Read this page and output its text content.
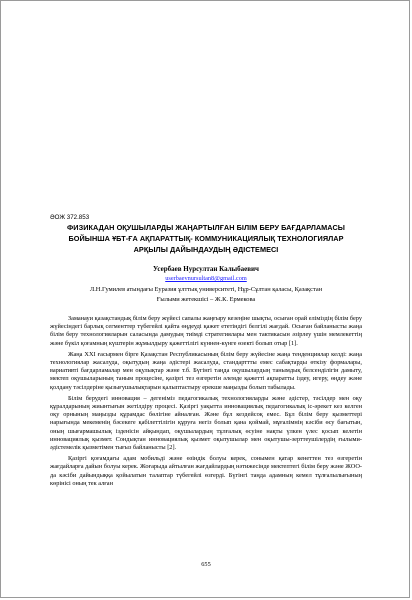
ӘОЖ 372.853
ФИЗИКАДАН ОҚУШЫЛАРДЫ ЖАҢАРТЫЛҒАН БІЛІМ БЕРУ БАҒДАРЛАМАСЫ
БОЙЫНША ҰБТ-ҒА АҚПАРАТТЫҚ- КОММУНИКАЦИЯЛЫҚ ТЕХНОЛОГИЯЛАР
АРҚЫЛЫ ДАЙЫНДАУДЫҢ ӘДІСТЕМЕСІ
Усербаев Нурсултан Калыбаевич
userbaevnursultan8@gmail.com
Л.Н.Гумилев атындағы Еуразия ұлттық университеті, Нұр-Сұлтан қаласы, Қазақстан
Ғылыми жетекшісі – Ж.К. Ермекова

Заманауи қазақстандық білім беру жүйесі сапалы жаңғыру кезеңіне шықты, осыған орай еліміздің білім беру жүйесіндегі барлық сегменттер түбегейлі қайта өңдеуді қажет ететіндігі белгілі жағдай. Осыған байланысты жаңа білім беру технологияларын саласында дамудың тиімді стратегиялары мен тактикасын әзірлеу үшін мемлекеттің және бүкіл қоғамның күштерін жұмылдыру қажеттілігі күннен-күнге өзекті болып отыр [1].

Жаңа XXI ғасырмен бірге Қазақстан Республикасының білім беру жүйесіне жаңа тенденциялар келді: жаңа технологиялар жасалуда, оқытудың жаңа әдістері жасалуда, стандарттты емес сабақтарды өткізу формалары, вариативті бағдарламалар мен оқулықтар және т.б. Бүгінгі таңда оқушылардың танымдық белсенділігін дамыту, мектеп оқушыларының таным процесіне, қазіргі тез өзгеретін әлемде қажетті ақпаратты іздеу, игеру, өңдеу және қолдану тәсілдеріне қызығушылықтарын қалыптастыру ерекше маңызды болып табылады.

Білім берудегі инновация – дегеніміз педагогикалық технологияларды және әдістер, тәсілдер мен оқу құралдарының жиынтығын жетілдіру процесі. Қазіргі уақытта инновациялық педагогикалық іс-әрекет кез келген оқу орнының маңызды құрамдас бөлігіне айналған. Және бұл кездейсоқ емес. Бұл білім беру қызметтері нарығында мекеменің бәсекеге қабілеттілігін құруға негіз болып қана қоймай, мұғалімнің кәсіби өсу бағытын, оның шығармашылық ізденісін айқындап, оқушылардың тұлғалық өсуіне нақты үлкен үлес қосып келетін инновациялық қызмет. Сондықтан инновациялық қызмет оқытушылар мен оқытушы-зерттеушілердің ғылыми-әдістемелік қызметімен тығыз байланысты [2].

Қазіргі қоғамдағы адам мобильді және өзіндік болуы керек, сонымен қатар кенеттен тез өзгеретін жағдайларға дайын болуы керек. Жоғарыда айтылған жағдайлардың нәтижесінде мектептегі білім беру және ЖОО-да кәсіби дайындыққа қойылатын талаптар түбегейлі өзгерді. Бүгінгі таңда адамның кемел тұлғалылығының көрінісі оның тек алған

655
